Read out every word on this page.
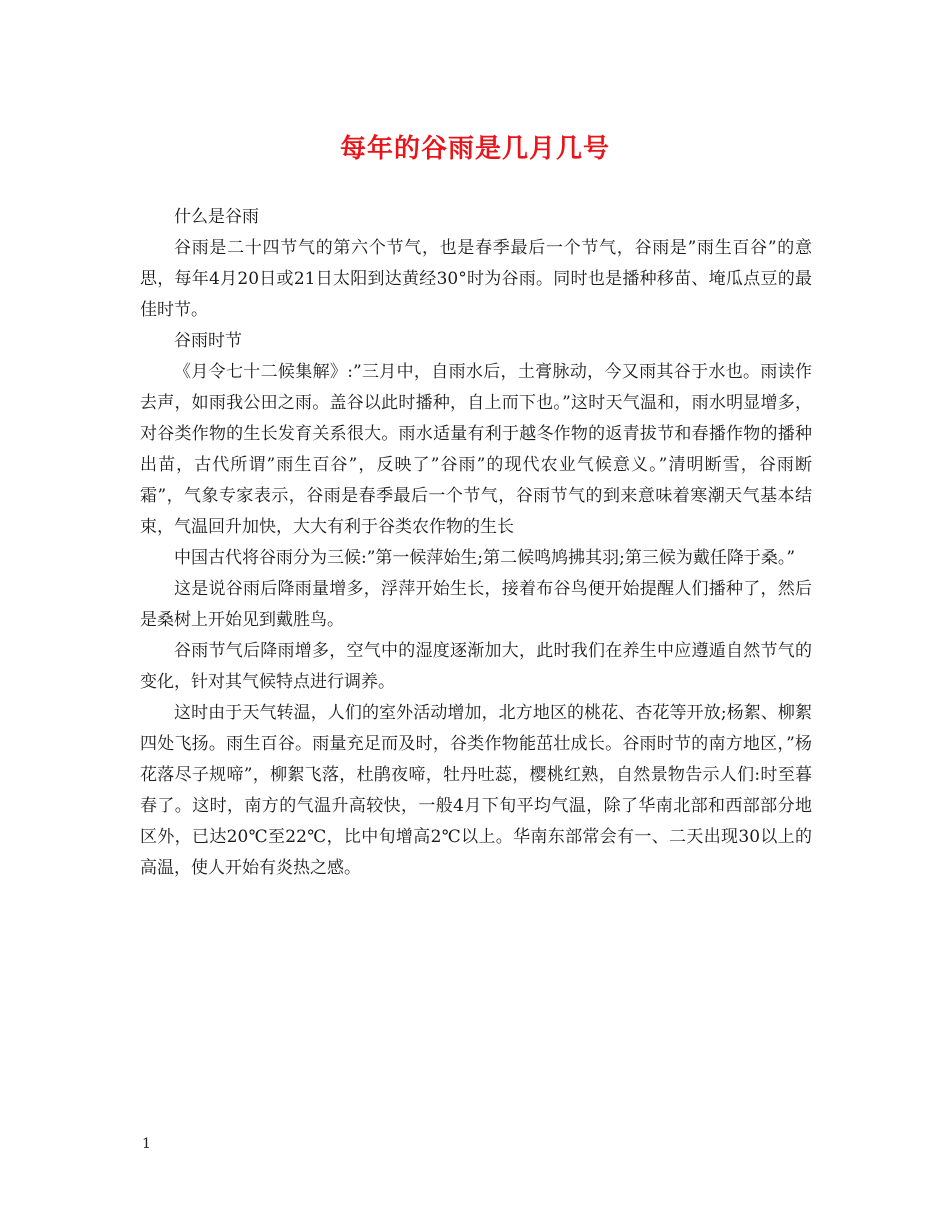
每年的谷雨是几月几号

什么是谷雨

谷雨是二十四节气的第六个节气，也是春季最后一个节气，谷雨是”雨生百谷”的意思，每年4月20日或21日太阳到达黄经30°时为谷雨。同时也是播种移苗、埯瓜点豆的最佳时节。

谷雨时节

《月令七十二候集解》:”三月中，自雨水后，土膏脉动，今又雨其谷于水也。雨读作去声，如雨我公田之雨。盖谷以此时播种，自上而下也。”这时天气温和，雨水明显增多，对谷类作物的生长发育关系很大。雨水适量有利于越冬作物的返青拔节和春播作物的播种出苗，古代所谓”雨生百谷”，反映了”谷雨”的现代农业气候意义。”清明断雪，谷雨断霜”，气象专家表示，谷雨是春季最后一个节气，谷雨节气的到来意味着寒潮天气基本结束，气温回升加快，大大有利于谷类农作物的生长

中国古代将谷雨分为三候:”第一候萍始生;第二候鸣鸠拂其羽;第三候为戴任降于桑。”

这是说谷雨后降雨量增多，浮萍开始生长，接着布谷鸟便开始提醒人们播种了，然后是桑树上开始见到戴胜鸟。

谷雨节气后降雨增多，空气中的湿度逐渐加大，此时我们在养生中应遵遁自然节气的变化，针对其气候特点进行调养。

这时由于天气转温，人们的室外活动增加，北方地区的桃花、杏花等开放;杨絮、柳絮四处飞扬。雨生百谷。雨量充足而及时，谷类作物能茁壮成长。谷雨时节的南方地区，”杨花落尽子规啼”，柳絮飞落，杜鹃夜啼，牡丹吐蕊，樱桃红熟，自然景物告示人们:时至暮春了。这时，南方的气温升高较快，一般4月下旬平均气温，除了华南北部和西部部分地区外，已达20℃至22℃，比中旬增高2℃以上。华南东部常会有一、二天出现30以上的高温，使人开始有炎热之感。

1
